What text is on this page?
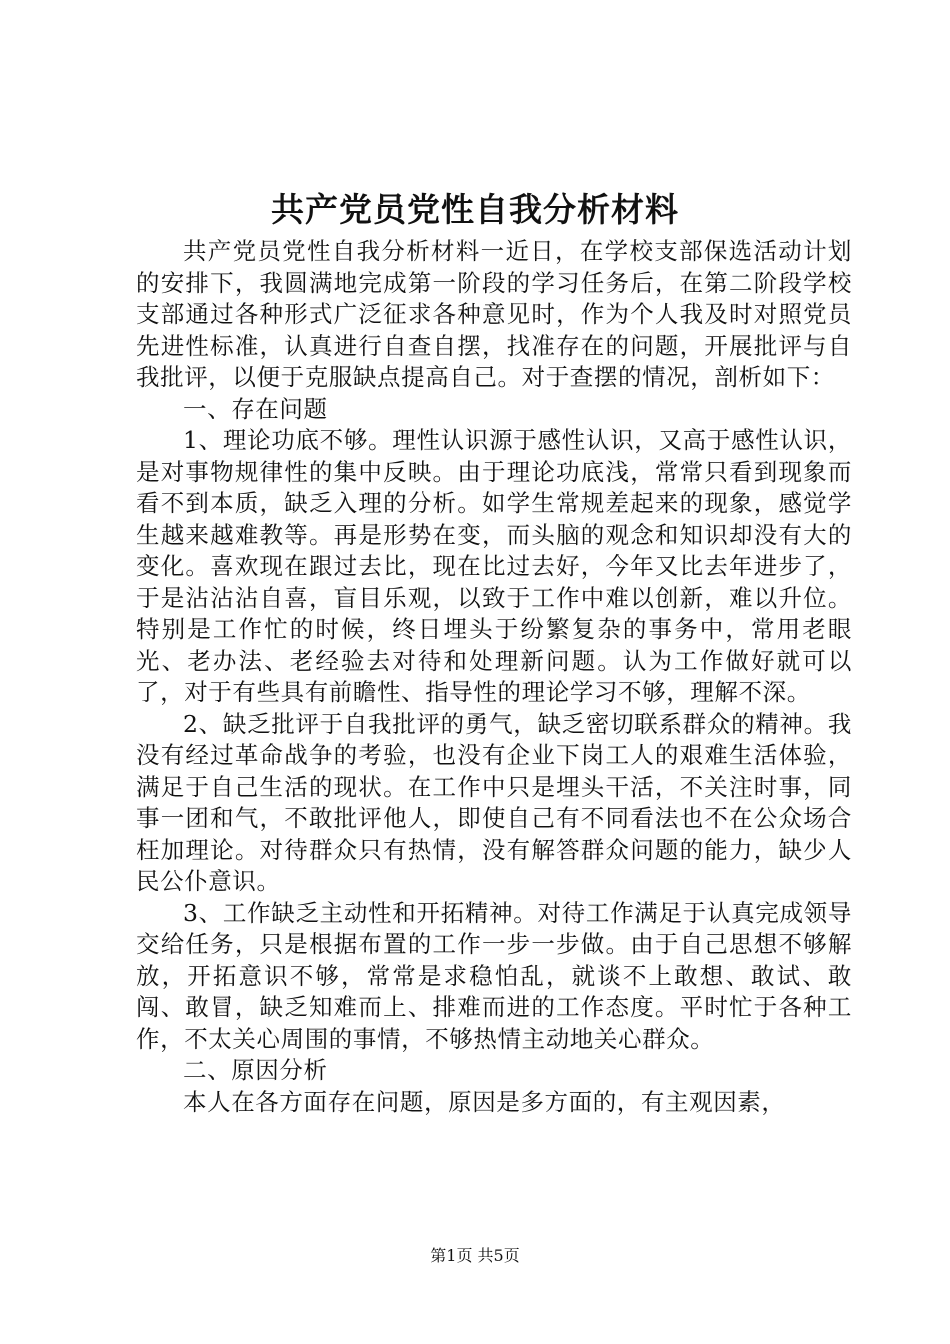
共产党员党性自我分析材料

共产党员党性自我分析材料一近日，在学校支部保选活动计划的安排下，我圆满地完成第一阶段的学习任务后，在第二阶段学校支部通过各种形式广泛征求各种意见时，作为个人我及时对照党员先进性标准，认真进行自查自摆，找准存在的问题，开展批评与自我批评，以便于克服缺点提高自己。对于查摆的情况，剖析如下：

一、存在问题

1、理论功底不够。理性认识源于感性认识，又高于感性认识，是对事物规律性的集中反映。由于理论功底浅，常常只看到现象而看不到本质，缺乏入理的分析。如学生常规差起来的现象，感觉学生越来越难教等。再是形势在变，而头脑的观念和知识却没有大的变化。喜欢现在跟过去比，现在比过去好，今年又比去年进步了，于是沾沾沾自喜，盲目乐观，以致于工作中难以创新，难以升位。特别是工作忙的时候，终日埋头于纷繁复杂的事务中，常用老眼光、老办法、老经验去对待和处理新问题。认为工作做好就可以了，对于有些具有前瞻性、指导性的理论学习不够，理解不深。

2、缺乏批评于自我批评的勇气，缺乏密切联系群众的精神。我没有经过革命战争的考验，也没有企业下岗工人的艰难生活体验，满足于自己生活的现状。在工作中只是埋头干活，不关注时事，同事一团和气，不敢批评他人，即使自己有不同看法也不在公众场合枉加理论。对待群众只有热情，没有解答群众问题的能力，缺少人民公仆意识。

3、工作缺乏主动性和开拓精神。对待工作满足于认真完成领导交给任务，只是根据布置的工作一步一步做。由于自己思想不够解放，开拓意识不够，常常是求稳怕乱，就谈不上敢想、敢试、敢闯、敢冒，缺乏知难而上、排难而进的工作态度。平时忙于各种工作，不太关心周围的事情，不够热情主动地关心群众。

二、原因分析

本人在各方面存在问题，原因是多方面的，有主观因素，

第1页 共5页
